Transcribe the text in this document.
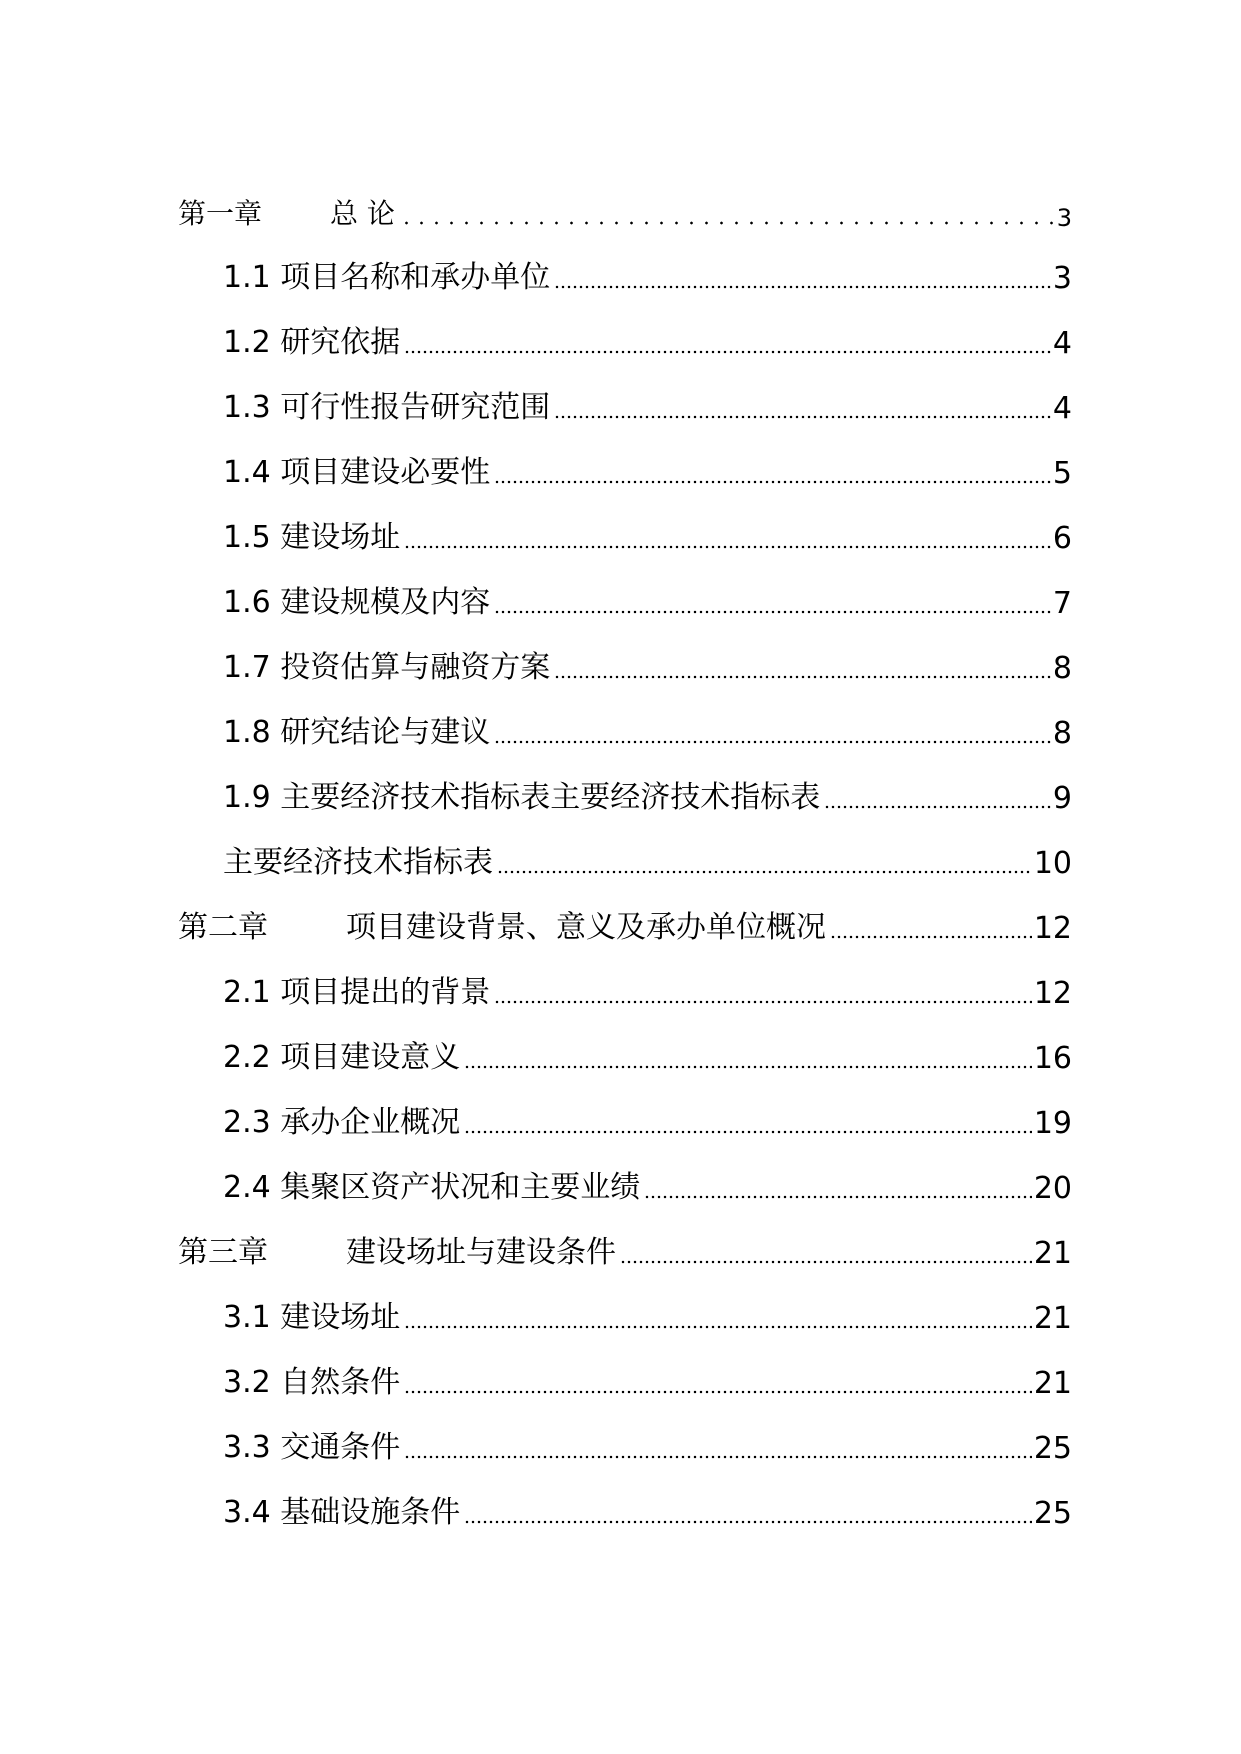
第一章	总 论	3
1.1 项目名称和承办单位	3
1.2 研究依据	4
1.3 可行性报告研究范围	4
1.4 项目建设必要性	5
1.5 建设场址	6
1.6 建设规模及内容	7
1.7 投资估算与融资方案	8
1.8 研究结论与建议	8
1.9 主要经济技术指标表主要经济技术指标表	9
主要经济技术指标表	10
第二章	项目建设背景、意义及承办单位概况	12
2.1 项目提出的背景	12
2.2 项目建设意义	16
2.3 承办企业概况	19
2.4 集聚区资产状况和主要业绩	20
第三章	建设场址与建设条件	21
3.1 建设场址	21
3.2 自然条件	21
3.3 交通条件	25
3.4 基础设施条件	25
